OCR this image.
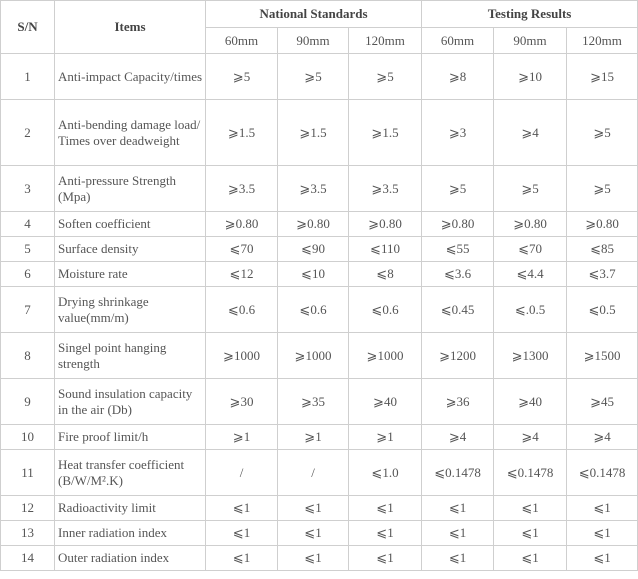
S/N	Items	National Standards			Testing Results		
		60mm	90mm	120mm	60mm	90mm	120mm
1	Anti-impact Capacity/times	⩾5	⩾5	⩾5	⩾8	⩾10	⩾15
2	Anti-bending damage load/ Times over deadweight	⩾1.5	⩾1.5	⩾1.5	⩾3	⩾4	⩾5
3	Anti-pressure Strength (Mpa)	⩾3.5	⩾3.5	⩾3.5	⩾5	⩾5	⩾5
4	Soften coefficient	⩾0.80	⩾0.80	⩾0.80	⩾0.80	⩾0.80	⩾0.80
5	Surface density	⩽70	⩽90	⩽110	⩽55	⩽70	⩽85
6	Moisture rate	⩽12	⩽10	⩽8	⩽3.6	⩽4.4	⩽3.7
7	Drying shrinkage value(mm/m)	⩽0.6	⩽0.6	⩽0.6	⩽0.45	⩽.0.5	⩽0.5
8	Singel point hanging strength	⩾1000	⩾1000	⩾1000	⩾1200	⩾1300	⩾1500
9	Sound insulation capacity in the air (Db)	⩾30	⩾35	⩾40	⩾36	⩾40	⩾45
10	Fire proof limit/h	⩾1	⩾1	⩾1	⩾4	⩾4	⩾4
11	Heat transfer coefficient (B/W/M².K)	/	/	⩽1.0	⩽0.1478	⩽0.1478	⩽0.1478
12	Radioactivity limit	⩽1	⩽1	⩽1	⩽1	⩽1	⩽1
13	Inner radiation index	⩽1	⩽1	⩽1	⩽1	⩽1	⩽1
14	Outer radiation index	⩽1	⩽1	⩽1	⩽1	⩽1	⩽1
